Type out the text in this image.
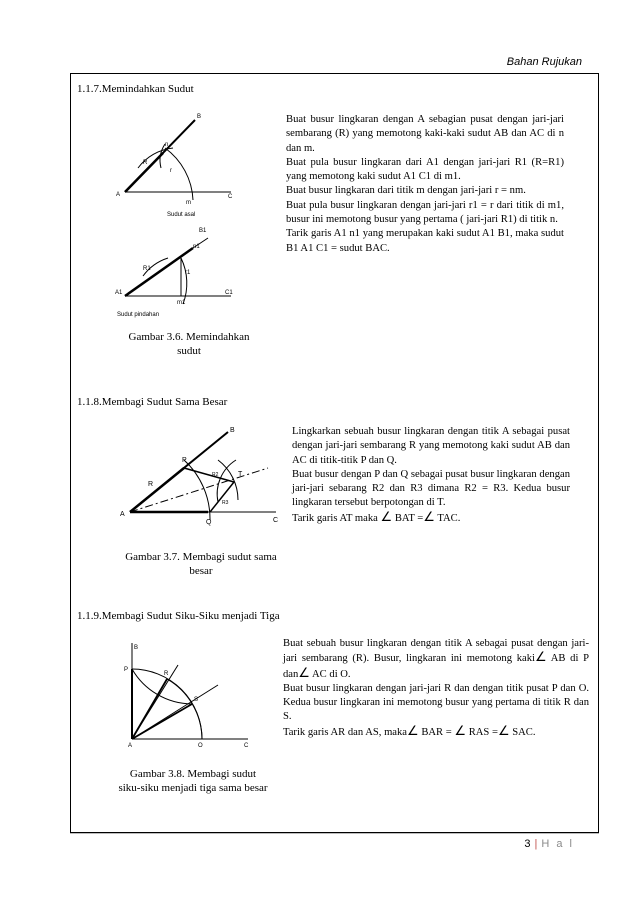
Bahan Rujukan
1.1.7.Memindahkan Sudut
B
n
R
r
A
m
C
Sudut asal
B1
n1
R1
r1
A1
m1
C1
Sudut pindahan
Gambar 3.6. Memindahkan sudut

Buat busur lingkaran dengan A sebagian pusat dengan jari-jari sembarang (R) yang memotong kaki-kaki sudut AB dan AC di n dan m.

Buat pula busur lingkaran dari A1 dengan jari-jari R1 (R=R1) yang memotong kaki sudut A1 C1 di m1.

Buat busur lingkaran dari titik m dengan jari-jari r = nm.

Buat pula busur lingkaran dengan jari-jari r1 = r dari titik di m1, busur ini memotong busur yang pertama ( jari-jari R1) di titik n.

Tarik garis A1 n1 yang merupakan kaki sudut A1 B1, maka sudut B1 A1 C1 = sudut BAC.

1.1.8.Membagi Sudut Sama Besar
B
P
R
T
A
Q	C
R2
R3
Gambar 3.7. Membagi sudut sama besar

Lingkarkan sebuah busur lingkaran dengan titik A sebagai pusat dengan jari-jari sembarang R yang memotong kaki sudut AB dan AC di titik-titik P dan Q.

Buat busur dengan P dan Q sebagai pusat busur lingkaran dengan jari-jari sebarang R2 dan R3 dimana R2 = R3. Kedua busur lingkaran tersebut berpotongan di T.

Tarik garis AT maka ∠ BAT =∠ TAC.

1.1.9.Membagi Sudut Siku-Siku menjadi Tiga
B
P
R
S
A	O	C
Gambar 3.8. Membagi sudut siku-siku menjadi tiga sama besar

Buat sebuah busur lingkaran dengan titik A sebagai pusat dengan jari-jari sembarang (R). Busur, lingkaran ini memotong kaki∠ AB di P dan∠ AC di O.

Buat busur lingkaran dengan jari-jari R dan dengan titik pusat P dan O. Kedua busur lingkaran ini memotong busur yang pertama di titik R dan S.

Tarik garis AR dan AS, maka∠ BAR = ∠ RAS =∠ SAC.

3 | H a l
